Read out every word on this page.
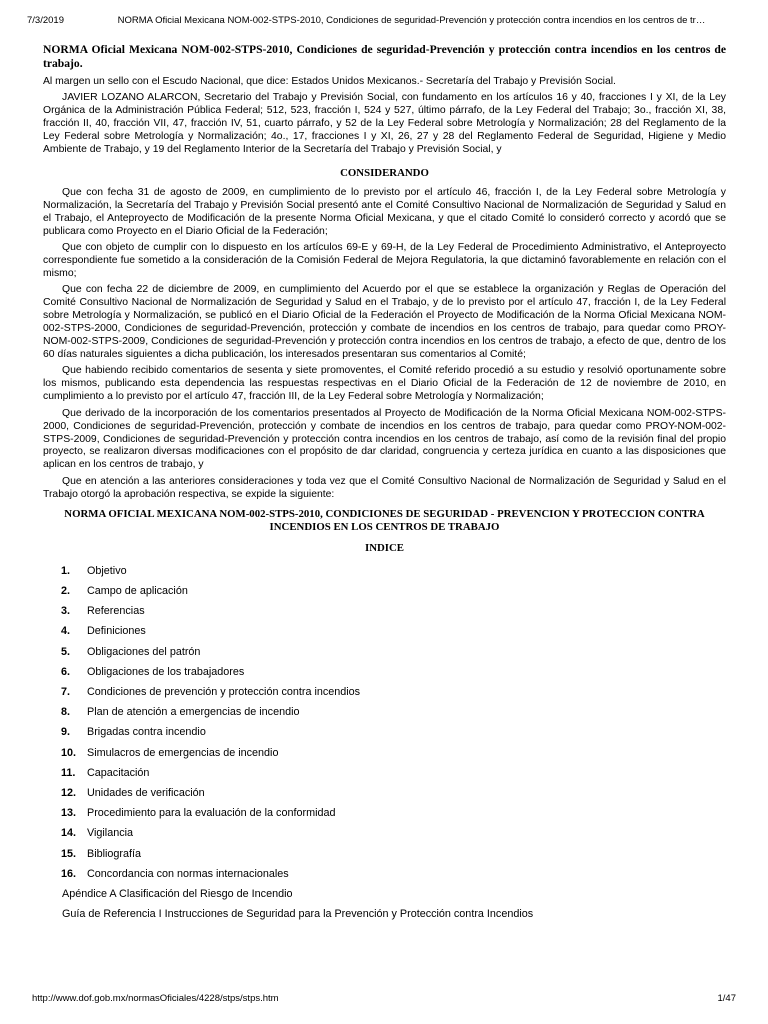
7/3/2019	NORMA Oficial Mexicana NOM-002-STPS-2010, Condiciones de seguridad-Prevención y protección contra incendios en los centros de tr…
NORMA Oficial Mexicana NOM-002-STPS-2010, Condiciones de seguridad-Prevención y protección contra incendios en los centros de trabajo.

Al margen un sello con el Escudo Nacional, que dice: Estados Unidos Mexicanos.- Secretaría del Trabajo y Previsión Social.

JAVIER LOZANO ALARCON, Secretario del Trabajo y Previsión Social, con fundamento en los artículos 16 y 40, fracciones I y XI, de la Ley Orgánica de la Administración Pública Federal; 512, 523, fracción I, 524 y 527, último párrafo, de la Ley Federal del Trabajo; 3o., fracción XI, 38, fracción II, 40, fracción VII, 47, fracción IV, 51, cuarto párrafo, y 52 de la Ley Federal sobre Metrología y Normalización; 28 del Reglamento de la Ley Federal sobre Metrología y Normalización; 4o., 17, fracciones I y XI, 26, 27 y 28 del Reglamento Federal de Seguridad, Higiene y Medio Ambiente de Trabajo, y 19 del Reglamento Interior de la Secretaría del Trabajo y Previsión Social, y

CONSIDERANDO

Que con fecha 31 de agosto de 2009, en cumplimiento de lo previsto por el artículo 46, fracción I, de la Ley Federal sobre Metrología y Normalización, la Secretaría del Trabajo y Previsión Social presentó ante el Comité Consultivo Nacional de Normalización de Seguridad y Salud en el Trabajo, el Anteproyecto de Modificación de la presente Norma Oficial Mexicana, y que el citado Comité lo consideró correcto y acordó que se publicara como Proyecto en el Diario Oficial de la Federación;

Que con objeto de cumplir con lo dispuesto en los artículos 69-E y 69-H, de la Ley Federal de Procedimiento Administrativo, el Anteproyecto correspondiente fue sometido a la consideración de la Comisión Federal de Mejora Regulatoria, la que dictaminó favorablemente en relación con el mismo;

Que con fecha 22 de diciembre de 2009, en cumplimiento del Acuerdo por el que se establece la organización y Reglas de Operación del Comité Consultivo Nacional de Normalización de Seguridad y Salud en el Trabajo, y de lo previsto por el artículo 47, fracción I, de la Ley Federal sobre Metrología y Normalización, se publicó en el Diario Oficial de la Federación el Proyecto de Modificación de la Norma Oficial Mexicana NOM-002-STPS-2000, Condiciones de seguridad-Prevención, protección y combate de incendios en los centros de trabajo, para quedar como PROY-NOM-002-STPS-2009, Condiciones de seguridad-Prevención y protección contra incendios en los centros de trabajo, a efecto de que, dentro de los 60 días naturales siguientes a dicha publicación, los interesados presentaran sus comentarios al Comité;

Que habiendo recibido comentarios de sesenta y siete promoventes, el Comité referido procedió a su estudio y resolvió oportunamente sobre los mismos, publicando esta dependencia las respuestas respectivas en el Diario Oficial de la Federación de 12 de noviembre de 2010, en cumplimiento a lo previsto por el artículo 47, fracción III, de la Ley Federal sobre Metrología y Normalización;

Que derivado de la incorporación de los comentarios presentados al Proyecto de Modificación de la Norma Oficial Mexicana NOM-002-STPS-2000, Condiciones de seguridad-Prevención, protección y combate de incendios en los centros de trabajo, para quedar como PROY-NOM-002-STPS-2009, Condiciones de seguridad-Prevención y protección contra incendios en los centros de trabajo, así como de la revisión final del propio proyecto, se realizaron diversas modificaciones con el propósito de dar claridad, congruencia y certeza jurídica en cuanto a las disposiciones que aplican en los centros de trabajo, y

Que en atención a las anteriores consideraciones y toda vez que el Comité Consultivo Nacional de Normalización de Seguridad y Salud en el Trabajo otorgó la aprobación respectiva, se expide la siguiente:

NORMA OFICIAL MEXICANA NOM-002-STPS-2010, CONDICIONES DE SEGURIDAD - PREVENCION Y PROTECCION CONTRA INCENDIOS EN LOS CENTROS DE TRABAJO
INDICE
1.	Objetivo
2.	Campo de aplicación
3.	Referencias
4.	Definiciones
5.	Obligaciones del patrón
6.	Obligaciones de los trabajadores
7.	Condiciones de prevención y protección contra incendios
8.	Plan de atención a emergencias de incendio
9.	Brigadas contra incendio
10.	Simulacros de emergencias de incendio
11.	Capacitación
12.	Unidades de verificación
13.	Procedimiento para la evaluación de la conformidad
14.	Vigilancia
15.	Bibliografía
16.	Concordancia con normas internacionales
Apéndice A Clasificación del Riesgo de Incendio
Guía de Referencia I Instrucciones de Seguridad para la Prevención y Protección contra Incendios
http://www.dof.gob.mx/normasOficiales/4228/stps/stps.htm	1/47
